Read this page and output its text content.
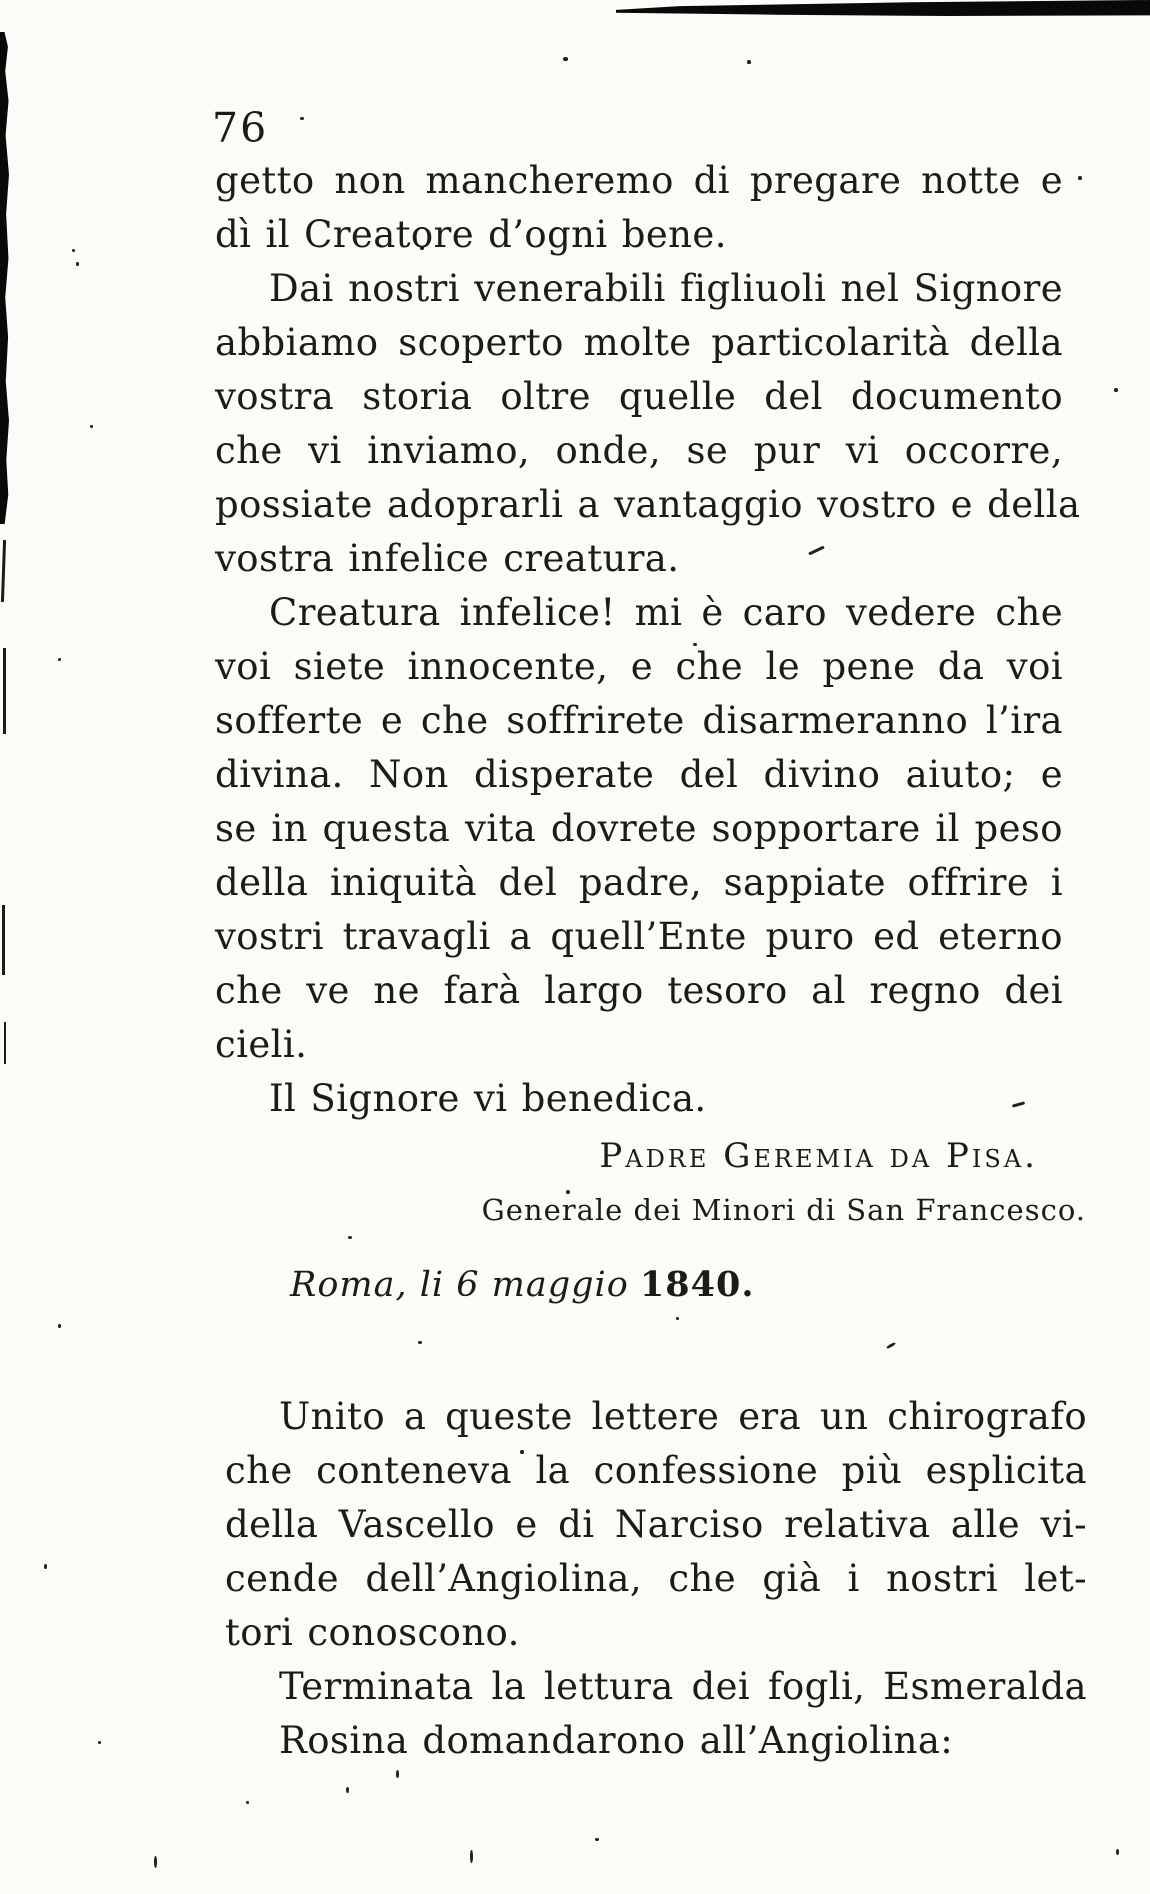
76
getto non mancheremo di pregare notte e
dì il Creatore d’ogni bene.
Dai nostri venerabili figliuoli nel Signore
abbiamo scoperto molte particolarità della
vostra storia oltre quelle del documento
che vi inviamo, onde, se pur vi occorre,
possiate adoprarli a vantaggio vostro e della
vostra infelice creatura.
Creatura infelice! mi è caro vedere che
voi siete innocente, e che le pene da voi
sofferte e che soffrirete disarmeranno l’ira
divina. Non disperate del divino aiuto; e
se in questa vita dovrete sopportare il peso
della iniquità del padre, sappiate offrire i
vostri travagli a quell’Ente puro ed eterno
che ve ne farà largo tesoro al regno dei
cieli.
Il Signore vi benedica.
Padre Geremia da Pisa.
Generale dei Minori di San Francesco.
Roma, li 6 maggio 1840.
Unito a queste lettere era un chirografo
che conteneva la confessione più esplicita
della Vascello e di Narciso relativa alle vi-
cende dell’Angiolina, che già i nostri let-
tori conoscono.
Terminata la lettura dei fogli, Esmeralda
Rosina domandarono all’Angiolina:
